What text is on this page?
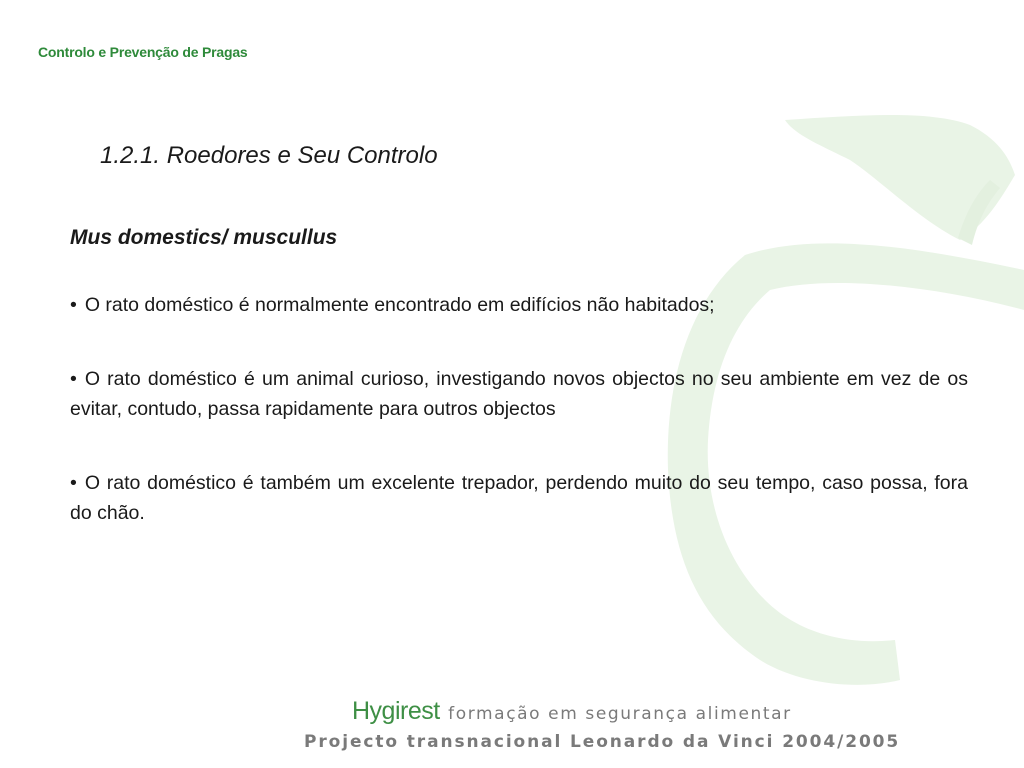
Controlo e Prevenção de Pragas
1.2.1. Roedores e Seu Controlo
Mus domestics/ muscullus

• O rato doméstico é normalmente encontrado em edifícios não habitados;

• O rato doméstico é um animal curioso, investigando novos objectos no seu ambiente em vez de os evitar, contudo, passa rapidamente para outros objectos

• O rato doméstico é também um excelente trepador, perdendo muito do seu tempo, caso possa, fora do chão.

Hygirest formação em segurança alimentar
Projecto transnacional Leonardo da Vinci 2004/2005
